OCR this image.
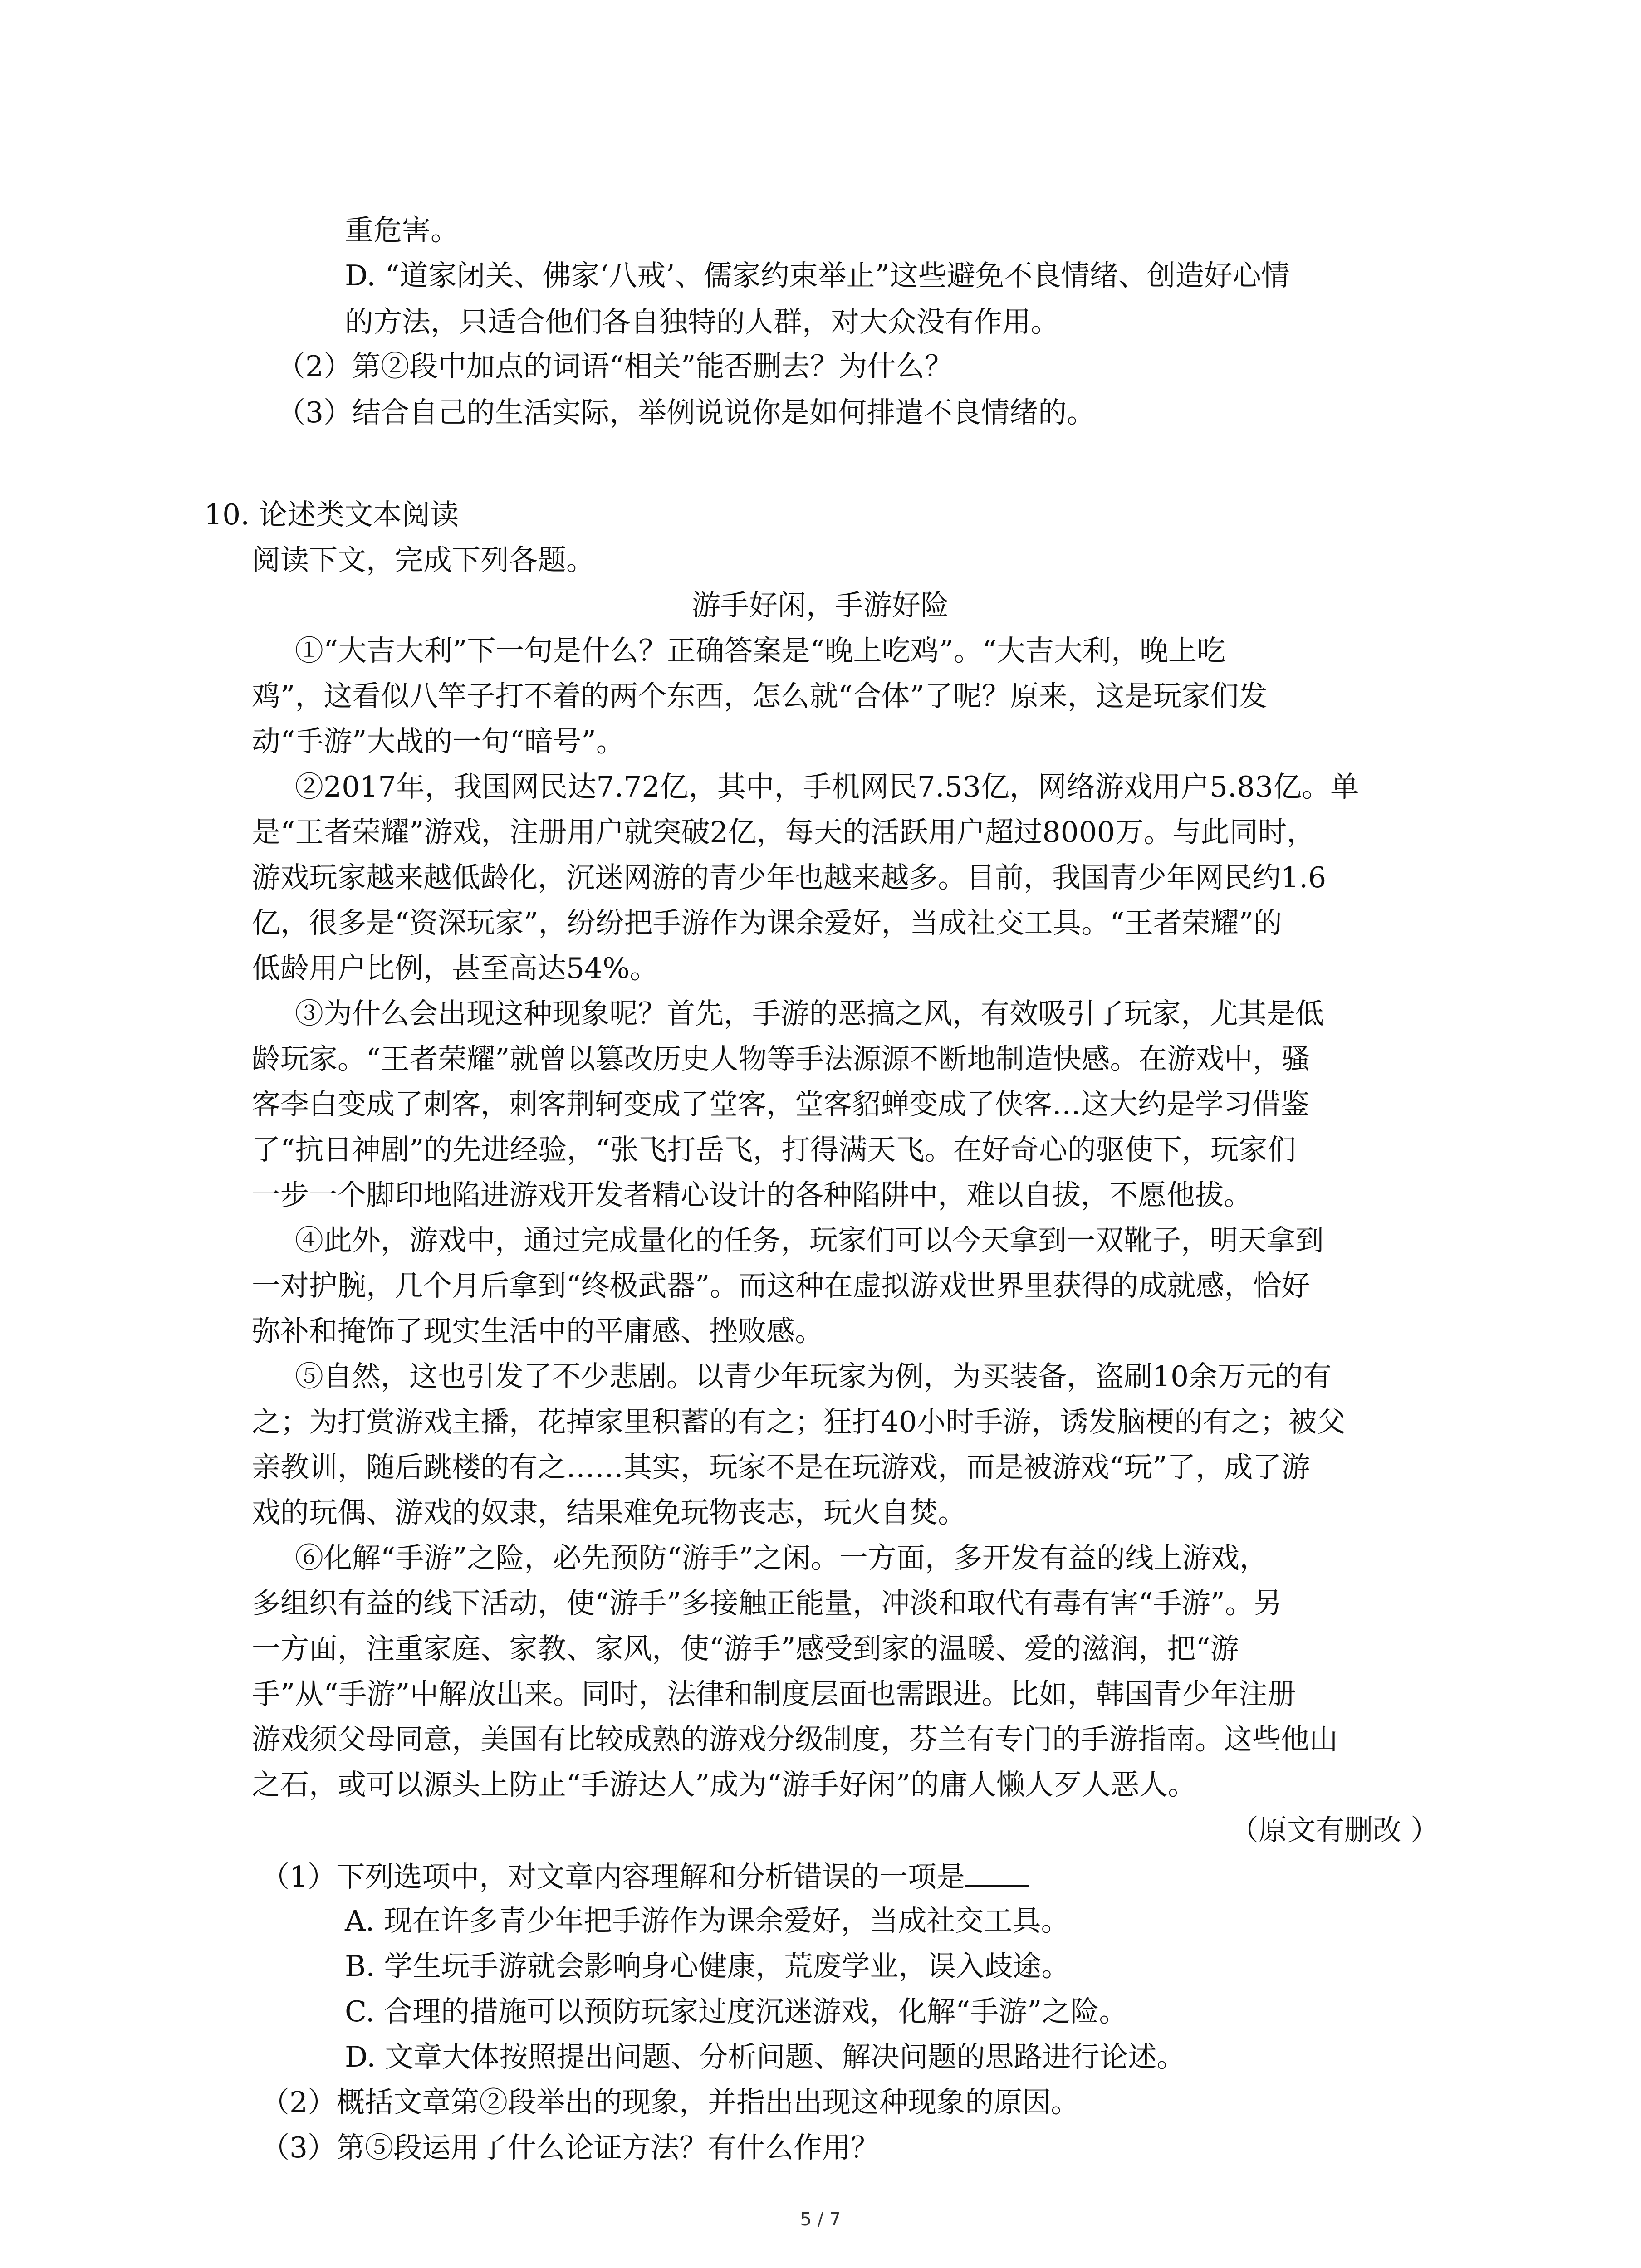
重危害。
D. “道家闭关、佛家‘八戒’、儒家约束举止”这些避免不良情绪、创造好心情
的方法，只适合他们各自独特的人群，对大众没有作用。
（2）第②段中加点的词语“相关”能否删去？为什么？
（3）结合自己的生活实际，举例说说你是如何排遣不良情绪的。
10. 论述类文本阅读
阅读下文，完成下列各题。
游手好闲，手游好险
①“大吉大利”下一句是什么？正确答案是“晚上吃鸡”。“大吉大利，晚上吃
鸡”，这看似八竿子打不着的两个东西，怎么就“合体”了呢？原来，这是玩家们发
动“手游”大战的一句“暗号”。
②2017年，我国网民达7.72亿，其中，手机网民7.53亿，网络游戏用户5.83亿。单
是“王者荣耀”游戏，注册用户就突破2亿，每天的活跃用户超过8000万。与此同时，
游戏玩家越来越低龄化，沉迷网游的青少年也越来越多。目前，我国青少年网民约1.6
亿，很多是“资深玩家”，纷纷把手游作为课余爱好，当成社交工具。“王者荣耀”的
低龄用户比例，甚至高达54%。
③为什么会出现这种现象呢？首先，手游的恶搞之风，有效吸引了玩家，尤其是低
龄玩家。“王者荣耀”就曾以篡改历史人物等手法源源不断地制造快感。在游戏中，骚
客李白变成了刺客，刺客荆轲变成了堂客，堂客貂蝉变成了侠客…这大约是学习借鉴
了“抗日神剧”的先进经验，“张飞打岳飞，打得满天飞。在好奇心的驱使下，玩家们
一步一个脚印地陷进游戏开发者精心设计的各种陷阱中，难以自拔，不愿他拔。
④此外，游戏中，通过完成量化的任务，玩家们可以今天拿到一双靴子，明天拿到
一对护腕，几个月后拿到“终极武器”。而这种在虚拟游戏世界里获得的成就感，恰好
弥补和掩饰了现实生活中的平庸感、挫败感。
⑤自然，这也引发了不少悲剧。以青少年玩家为例，为买装备，盗刷10余万元的有
之；为打赏游戏主播，花掉家里积蓄的有之；狂打40小时手游，诱发脑梗的有之；被父
亲教训，随后跳楼的有之……其实，玩家不是在玩游戏，而是被游戏“玩”了，成了游
戏的玩偶、游戏的奴隶，结果难免玩物丧志，玩火自焚。
⑥化解“手游”之险，必先预防“游手”之闲。一方面，多开发有益的线上游戏，
多组织有益的线下活动，使“游手”多接触正能量，冲淡和取代有毒有害“手游”。另
一方面，注重家庭、家教、家风，使“游手”感受到家的温暖、爱的滋润，把“游
手”从“手游”中解放出来。同时，法律和制度层面也需跟进。比如，韩国青少年注册
游戏须父母同意，美国有比较成熟的游戏分级制度，芬兰有专门的手游指南。这些他山
之石，或可以源头上防止“手游达人”成为“游手好闲”的庸人懒人歹人恶人。
（原文有删改 ）
（1）下列选项中，对文章内容理解和分析错误的一项是
A. 现在许多青少年把手游作为课余爱好，当成社交工具。
B. 学生玩手游就会影响身心健康，荒废学业，误入歧途。
C. 合理的措施可以预防玩家过度沉迷游戏，化解“手游”之险。
D. 文章大体按照提出问题、分析问题、解决问题的思路进行论述。
（2）概括文章第②段举出的现象，并指出出现这种现象的原因。
（3）第⑤段运用了什么论证方法？有什么作用？
5 / 7
